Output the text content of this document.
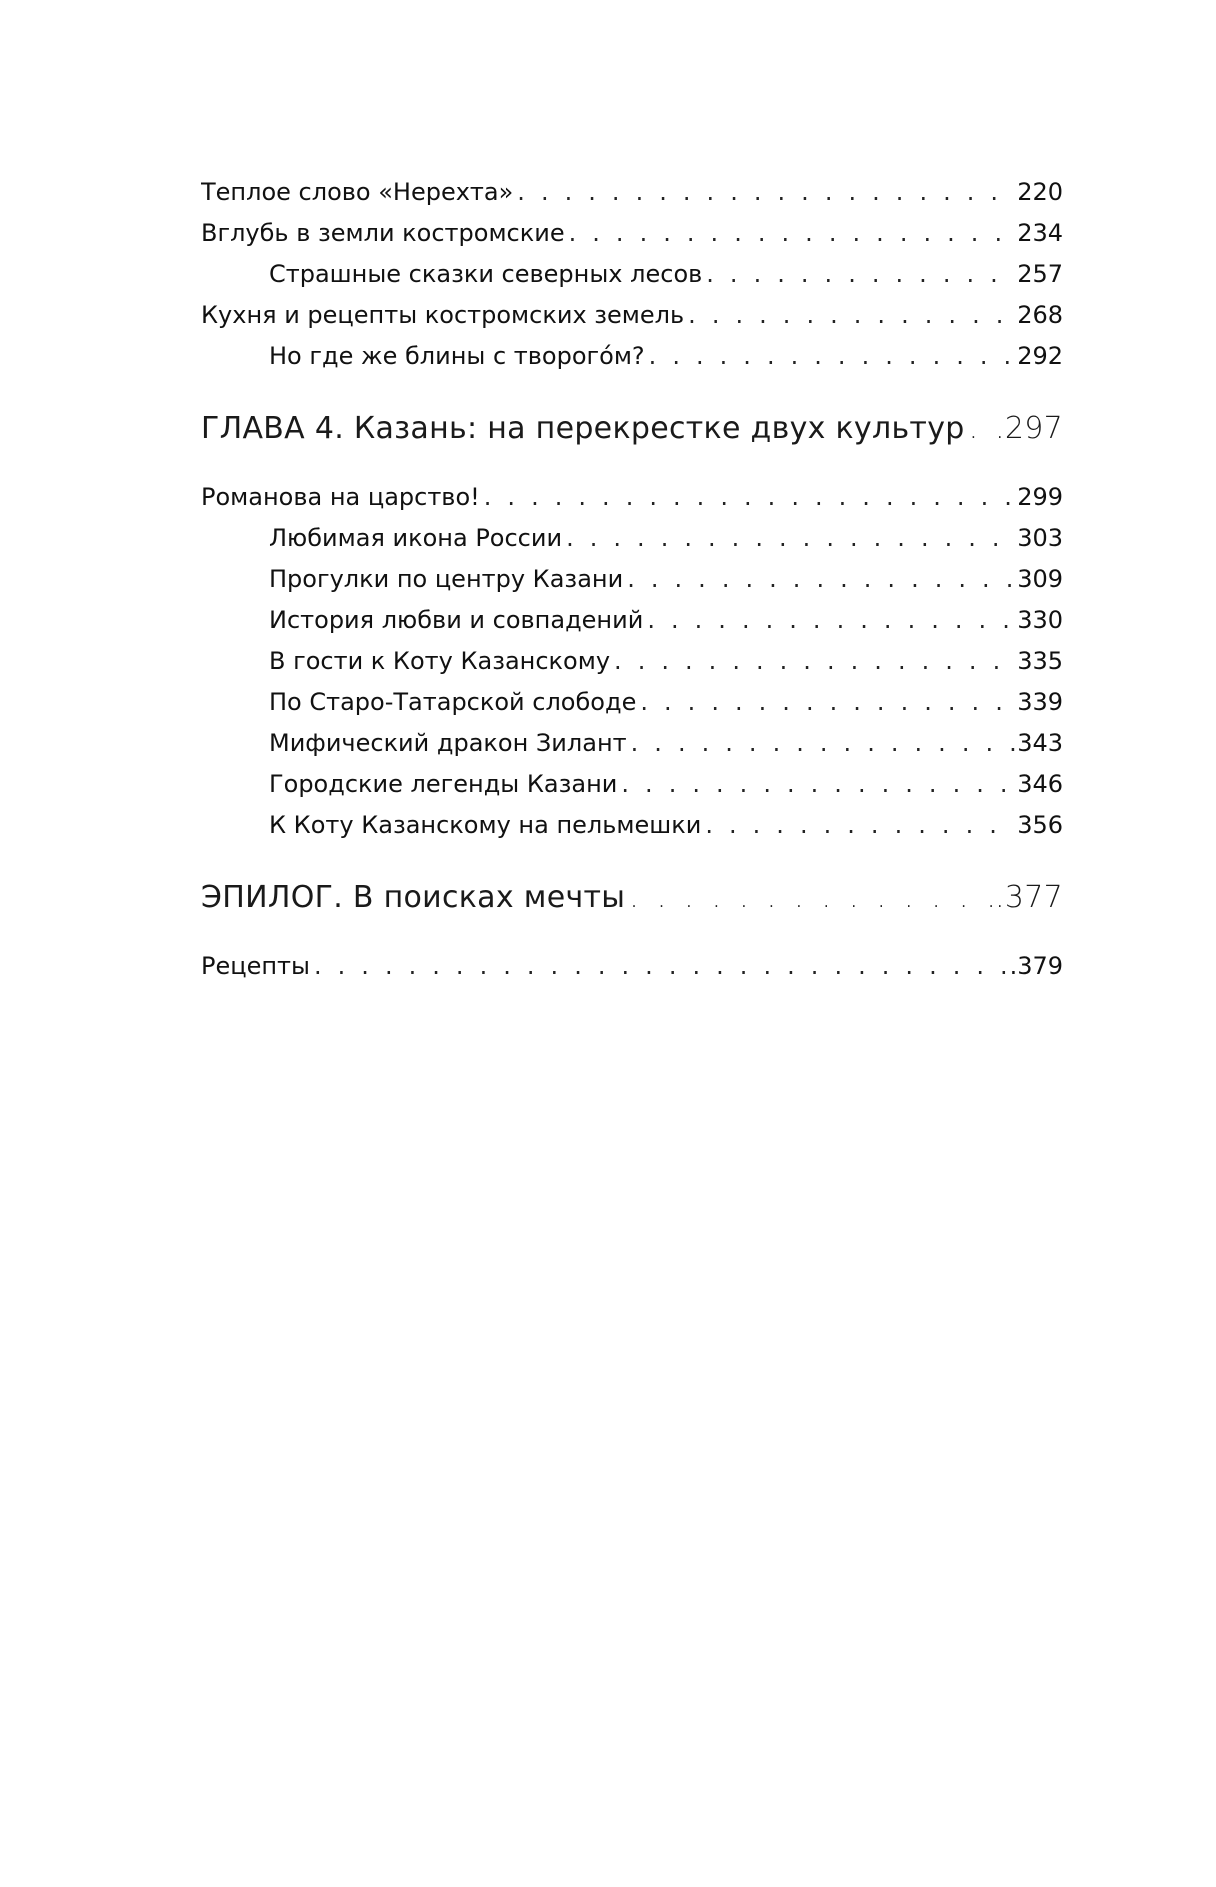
Теплое слово «Нерехта» . . .	220
Вглубь в земли костромские . . .	234
Страшные сказки северных лесов . . .	257
Кухня и рецепты костромских земель . . .	268
Но где же блины с творого́м? . . .	292
ГЛАВА 4. Казань: на перекрестке двух культур . . . .297
Романова на царство! . . .	299
Любимая икона России . . .	303
Прогулки по центру Казани . . .	309
История любви и совпадений . . .	330
В гости к Коту Казанскому . . .	335
По Старо-Татарской слободе . . .	339
Мифический дракон Зилант . . .	343
Городские легенды Казани . . .	346
К Коту Казанскому на пельмешки . . .	356
ЭПИЛОГ. В поисках мечты . . .	.377
Рецепты . . .	.379
